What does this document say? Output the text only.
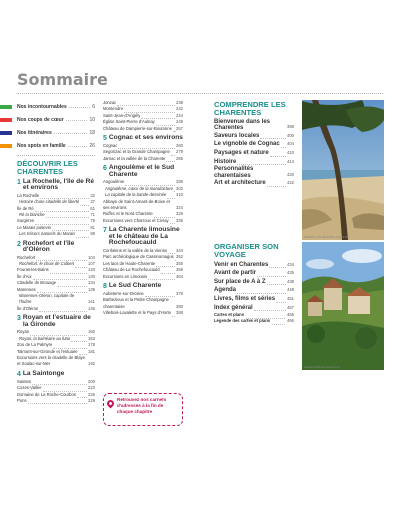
Sommaire
Nos incontournables	6
Nos coups de cœur	10
Nos itinéraires	18
Nos spots en famille	26
DÉCOUVRIR LES CHARENTES
1 La Rochelle, l'île de Ré et environs
La Rochelle	32
Histoire d'une citadelle de liberté	37
Île de Ré	61
Ré la blanche	71
Surgères	79
Le Marais poitevin	81
Les trésors naturels du Marais	88
2 Rochefort et l'île d'Oléron
Rochefort	104
Rochefort, le choix de Colbert	107
Fouras-les-Bains	120
Île d'Aix	130
Citadelle de Brouage	134
Marennes	139
Marennes-Oléron, capitale de l'huître	141
Île d'Oléron	146
3 Royan et l'estuaire de la Gironde
Royan	160
Royan, la balnéaire au futur	163
Zoo de La Palmyre	178
Talmont-sur-Gironde et l'estuaire 181
Excursions vers la citadelle de Blaye et Soulac-sur-Mer	192
4 La Saintonge
Saintes	200
Cozes-Vallée	223
Domaine de La Roche-Courbon	226
Pons	229
Jonzac	238
Montendre	242
Saint-Jean-d'Angély	244
Église Saint-Pierre d'Aulnay	249
Château de Dampierre-sur-Boutonne 257
5 Cognac et ses environs
Cognac	260
Segonzac et la Grande Champagne 279
Jarnac et la vallée de la Charente	285
6 Angoulême et le Sud Charente
Angoulême	295
Angoulême, cœur de la manufacture 302
La capitale de la bande dessinée 310
Abbaye de Saint-Amant-de-Boixe et ses environs	324
Ruffec et le Nord Charente	329
Excursions vers Charroux et Civray 336
7 La Charente limousine et le château de La Rochefoucauld
Confolens et la vallée de la Vienne 344
Parc archéologique de Cassinomagus 352
Les lacs de Haute-Charente	355
Château de La Rochefoucauld	358
Excursions en Limousin	364
8 Le Sud Charente
Aubeterre-sur-Dronne	378
Barbezieux et la Petite Champagne charentaise	380
Villebois-Lavalette et le Pays d'Horte 388
Retrouvez nos carnets d'adresses à la fin de chaque chapitre
COMPRENDRE LES CHARENTES
Bienvenue dans les Charentes	398
Saveurs locales	400
Le vignoble de Cognac 404
Paysages et nature	410
Histoire	414
Personnalités charentaises	420
Art et architecture	422
ORGANISER SON VOYAGE
Venir en Charentes	434
Avant de partir	435
Sur place de A à Z	438
Agenda	448
Livres, films et séries	451
Index général	457
Cartes et plans	465
Légende des cartes et plans	466
ADEMOS / DE MEURONS, Angela Mo
aerialdrone/Photo Keegan.Tha
